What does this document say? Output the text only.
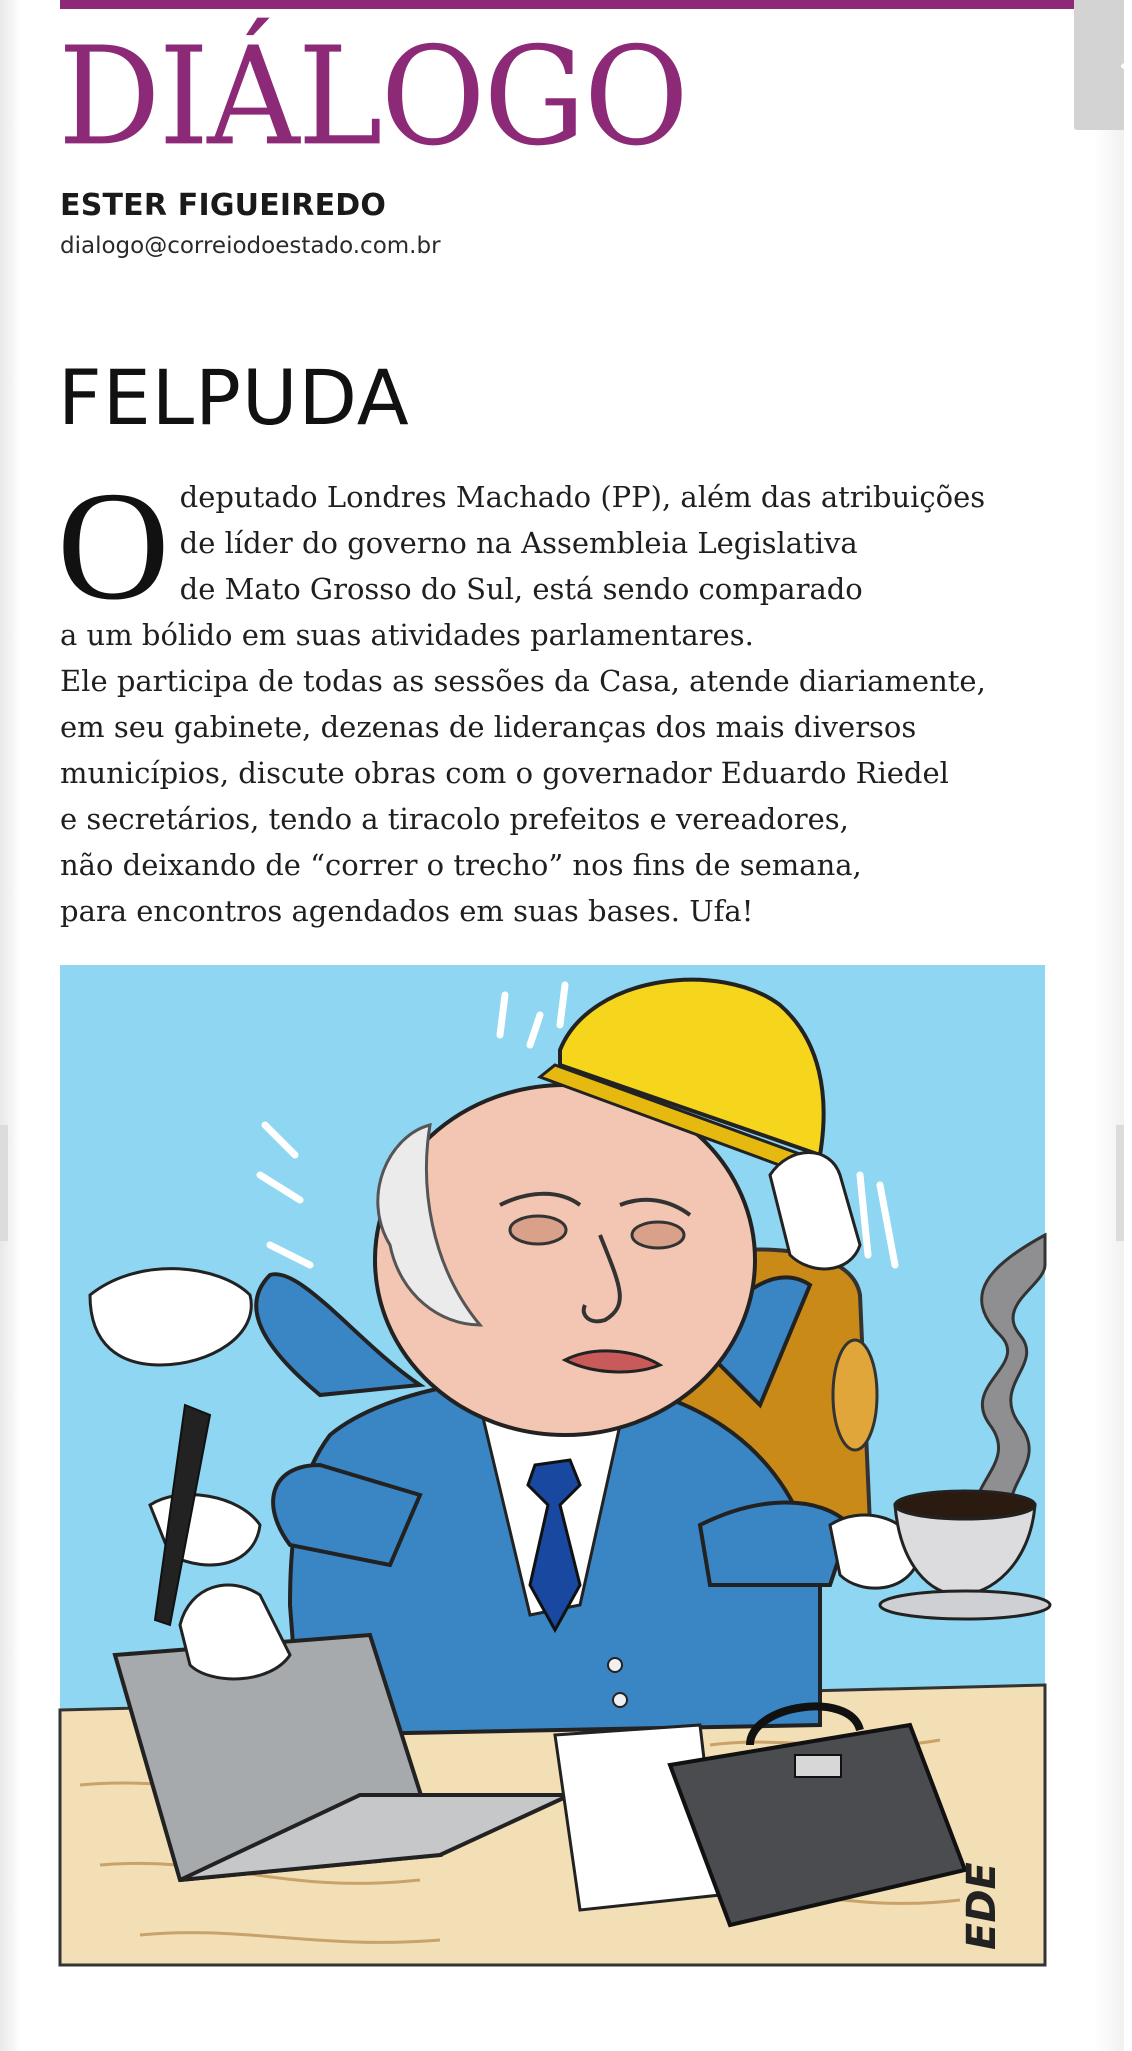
‹
DIÁLOGO
ESTER FIGUEIREDO
dialogo@correiodoestado.com.br
FELPUDA
O deputado Londres Machado (PP), além das atribuições
de líder do governo na Assembleia Legislativa
de Mato Grosso do Sul, está sendo comparado
a um bólido em suas atividades parlamentares.
Ele participa de todas as sessões da Casa, atende diariamente,
em seu gabinete, dezenas de lideranças dos mais diversos
municípios, discute obras com o governador Eduardo Riedel
e secretários, tendo a tiracolo prefeitos e vereadores,
não deixando de “correr o trecho” nos fins de semana,
para encontros agendados em suas bases. Ufa!
EDE
